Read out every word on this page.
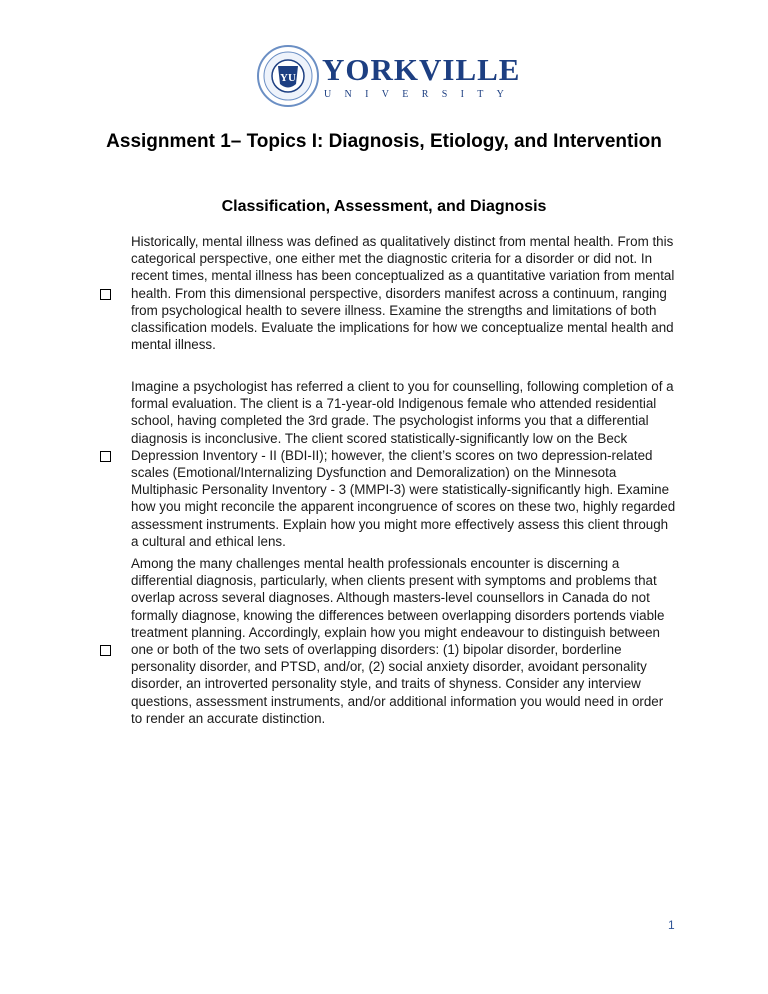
YU YORKVILLE
U N I V E R S I T Y
Assignment 1– Topics I: Diagnosis, Etiology, and Intervention
Classification, Assessment, and Diagnosis

Historically, mental illness was defined as qualitatively distinct from mental health. From this categorical perspective, one either met the diagnostic criteria for a disorder or did not. In recent times, mental illness has been conceptualized as a quantitative variation from mental health. From this dimensional perspective, disorders manifest across a continuum, ranging from psychological health to severe illness. Examine the strengths and limitations of both classification models. Evaluate the implications for how we conceptualize mental health and mental illness.

Imagine a psychologist has referred a client to you for counselling, following completion of a formal evaluation. The client is a 71-year-old Indigenous female who attended residential school, having completed the 3rd grade. The psychologist informs you that a differential diagnosis is inconclusive. The client scored statistically-significantly low on the Beck Depression Inventory - II (BDI-II); however, the client’s scores on two depression-related scales (Emotional/Internalizing Dysfunction and Demoralization) on the Minnesota Multiphasic Personality Inventory - 3 (MMPI-3) were statistically-significantly high. Examine how you might reconcile the apparent incongruence of scores on these two, highly regarded assessment instruments. Explain how you might more effectively assess this client through a cultural and ethical lens.

Among the many challenges mental health professionals encounter is discerning a differential diagnosis, particularly, when clients present with symptoms and problems that overlap across several diagnoses. Although masters-level counsellors in Canada do not formally diagnose, knowing the differences between overlapping disorders portends viable treatment planning. Accordingly, explain how you might endeavour to distinguish between one or both of the two sets of overlapping disorders: (1) bipolar disorder, borderline personality disorder, and PTSD, and/or, (2) social anxiety disorder, avoidant personality disorder, an introverted personality style, and traits of shyness. Consider any interview questions, assessment instruments, and/or additional information you would need in order to render an accurate distinction.

1
